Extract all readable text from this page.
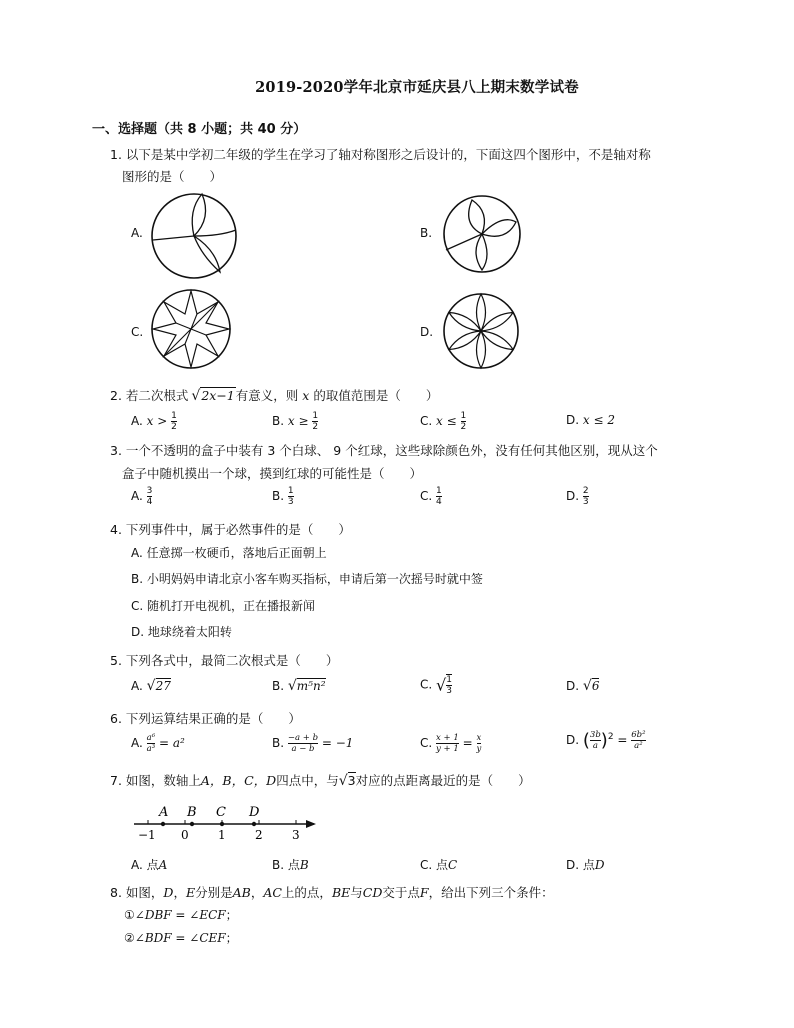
2019-2020学年北京市延庆县八上期末数学试卷
一、选择题（共 8 小题；共 40 分）
1. 以下是某中学初二年级的学生在学习了轴对称图形之后设计的，下面这四个图形中，不是轴对称
图形的是（　　）
A.	B.
C.	D.
2. 若二次根式 √2x−1有意义，则 x 的取值范围是（　　）
A. $x > \frac{1}{2}$	B. $x \ge \frac{1}{2}$	C. $x \le \frac{1}{2}$	D. x ≤ 2
3. 一个不透明的盒子中装有 3 个白球、 9 个红球，这些球除颜色外，没有任何其他区别，现从这个
盒子中随机摸出一个球，摸到红球的可能性是（　　）
A. $\frac{3}{4}$	B. $\frac{1}{3}$	C. $\frac{1}{4}$	D. $\frac{2}{3}$
4. 下列事件中，属于必然事件的是（　　）
A. 任意掷一枚硬币，落地后正面朝上
B. 小明妈妈申请北京小客车购买指标，申请后第一次摇号时就中签
C. 随机打开电视机，正在播报新闻
D. 地球绕着太阳转
5. 下列各式中，最简二次根式是（　　）
A. √27	B. √m⁵n²	C. √ $\frac{1}{3}$	D. √6
6. 下列运算结果正确的是（　　）
A. $\frac{\text{a⁶}}{\text{a³}} = a^2$	B. $\frac{-a + b}{a - b} = -1$	C. $\frac{x + 1}{y + 1} = \frac{x}{y}$	D. ( $\frac{3b}{a} )^2 = \frac{\text{6b²}}{\text{a²}}$
7. 如图，数轴上A，B，C，D四点中，与√3对应的点距离最近的是（　　）
A B C D
−1 0 1 2 3
A. 点A	B. 点B	C. 点C	D. 点D
8. 如图，D，E分别是AB，AC上的点，BE与CD交于点F，给出下列三个条件：
①∠DBF = ∠ECF；
②∠BDF = ∠CEF；
